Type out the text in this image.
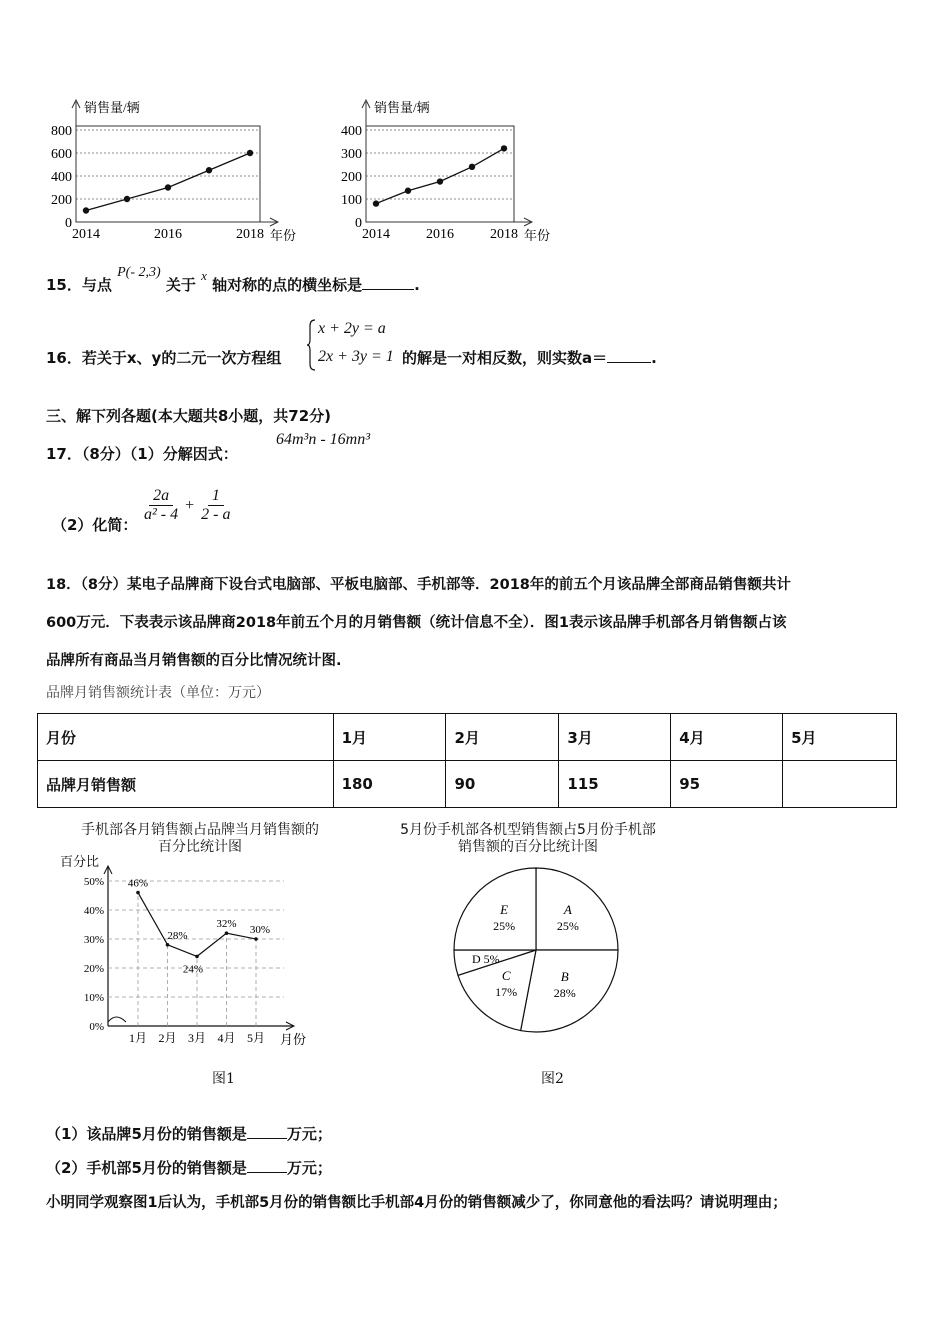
800
600
400
200
0
销售量/辆
年份
2014	2016	2018
400
300
200
100
0
销售量/辆
年份
2014	2016	2018
15．与点 P(- 2,3) 关于 x 轴对称的点的横坐标是	.
16．若关于x、y的二元一次方程组
x + 2y = a
2x + 3y = 1 的解是一对相反数，则实数a＝	.
三、解下列各题(本大题共8小题，共72分)
17．（8分）（1）分解因式：
64m³n - 16mn³
（2）化简：
$\frac{2a}{\text{a² - 4}} + \frac{1}{2 - a}$
18．（8分）某电子品牌商下设台式电脑部、平板电脑部、手机部等．2018年的前五个月该品牌全部商品销售额共计
600万元．下表表示该品牌商2018年前五个月的月销售额（统计信息不全）．图1表示该品牌手机部各月销售额占该
品牌所有商品当月销售额的百分比情况统计图.
品牌月销售额统计表（单位：万元）
月份	1月	2月	3月	4月	5月
品牌月销售额	180	90	115	95	
手机部各月销售额占品牌当月销售额的
百分比统计图
百分比
月份
50%
40%
30%
20%
10%
0%
1月 2月 3月 4月 5月
46%
28%
24%
32% 30%
图1
5月份手机部各机型销售额占5月份手机部
销售额的百分比统计图
A
25%
B
28%
C
17%
D 5%
E
25%
图2
（1）该品牌5月份的销售额是	万元；
（2）手机部5月份的销售额是	万元；
小明同学观察图1后认为，手机部5月份的销售额比手机部4月份的销售额减少了，你同意他的看法吗？请说明理由；
